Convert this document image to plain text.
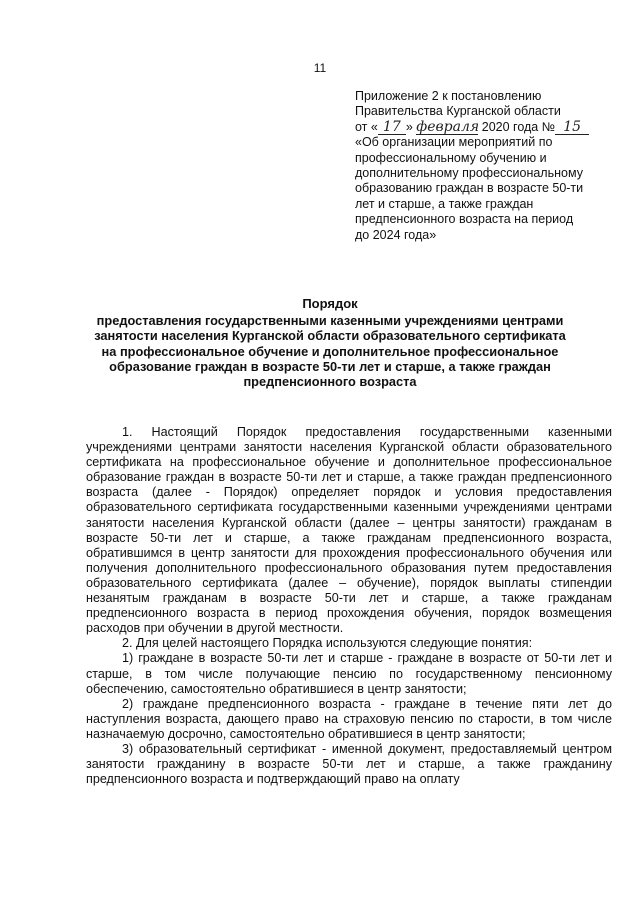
11
Приложение 2 к постановлению
Правительства Курганской области
от « 17 » февраля 2020 года № 15
«Об организации мероприятий по
профессиональному обучению и
дополнительному профессиональному
образованию граждан в возрасте 50-ти
лет и старше, а также граждан
предпенсионного возраста на период
до 2024 года»
Порядок
предоставления государственными казенными учреждениями центрами
занятости населения Курганской области образовательного сертификата
на профессиональное обучение и дополнительное профессиональное
образование граждан в возрасте 50-ти лет и старше, а также граждан
предпенсионного возраста

1. Настоящий Порядок предоставления государственными казенными учреждениями центрами занятости населения Курганской области образовательного сертификата на профессиональное обучение и дополнительное профессиональное образование граждан в возрасте 50-ти лет и старше, а также граждан предпенсионного возраста (далее - Порядок) определяет порядок и условия предоставления образовательного сертификата государственными казенными учреждениями центрами занятости населения Курганской области (далее – центры занятости) гражданам в возрасте 50-ти лет и старше, а также гражданам предпенсионного возраста, обратившимся в центр занятости для прохождения профессионального обучения или получения дополнительного профессионального образования путем предоставления образовательного сертификата (далее – обучение), порядок выплаты стипендии незанятым гражданам в возрасте 50-ти лет и старше, а также гражданам предпенсионного возраста в период прохождения обучения, порядок возмещения расходов при обучении в другой местности.

2. Для целей настоящего Порядка используются следующие понятия:

1) граждане в возрасте 50-ти лет и старше - граждане в возрасте от 50-ти лет и старше, в том числе получающие пенсию по государственному пенсионному обеспечению, самостоятельно обратившиеся в центр занятости;

2) граждане предпенсионного возраста - граждане в течение пяти лет до наступления возраста, дающего право на страховую пенсию по старости, в том числе назначаемую досрочно, самостоятельно обратившиеся в центр занятости;

3) образовательный сертификат - именной документ, предоставляемый центром занятости гражданину в возрасте 50-ти лет и старше, а также гражданину предпенсионного возраста и подтверждающий право на оплату
